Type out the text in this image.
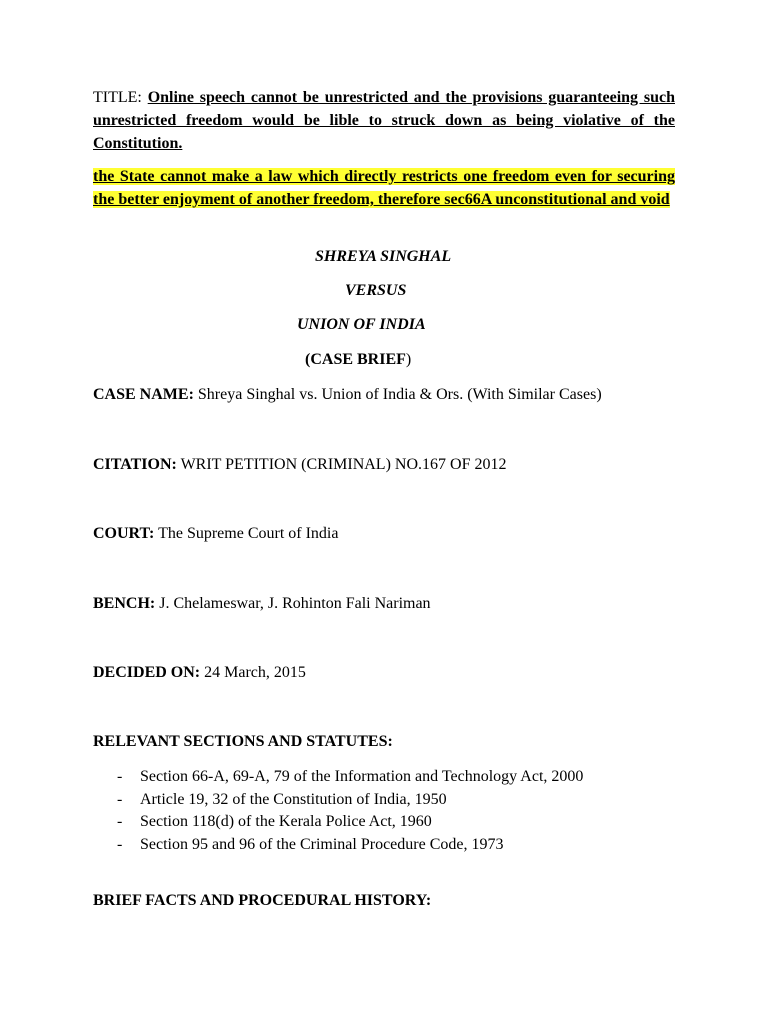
TITLE: Online speech cannot be unrestricted and the provisions guaranteeing such unrestricted freedom would be lible to struck down as being violative of the Constitution.

the State cannot make a law which directly restricts one freedom even for securing the better enjoyment of another freedom, therefore sec66A unconstitutional and void

SHREYA SINGHAL

VERSUS

UNION OF INDIA

(CASE BRIEF)

CASE NAME: Shreya Singhal vs. Union of India & Ors. (With Similar Cases)

CITATION: WRIT PETITION (CRIMINAL) NO.167 OF 2012

COURT: The Supreme Court of India

BENCH: J. Chelameswar, J. Rohinton Fali Nariman

DECIDED ON: 24 March, 2015

RELEVANT SECTIONS AND STATUTES:

- Section 66-A, 69-A, 79 of the Information and Technology Act, 2000
- Article 19, 32 of the Constitution of India, 1950
- Section 118(d) of the Kerala Police Act, 1960
- Section 95 and 96 of the Criminal Procedure Code, 1973

BRIEF FACTS AND PROCEDURAL HISTORY:
